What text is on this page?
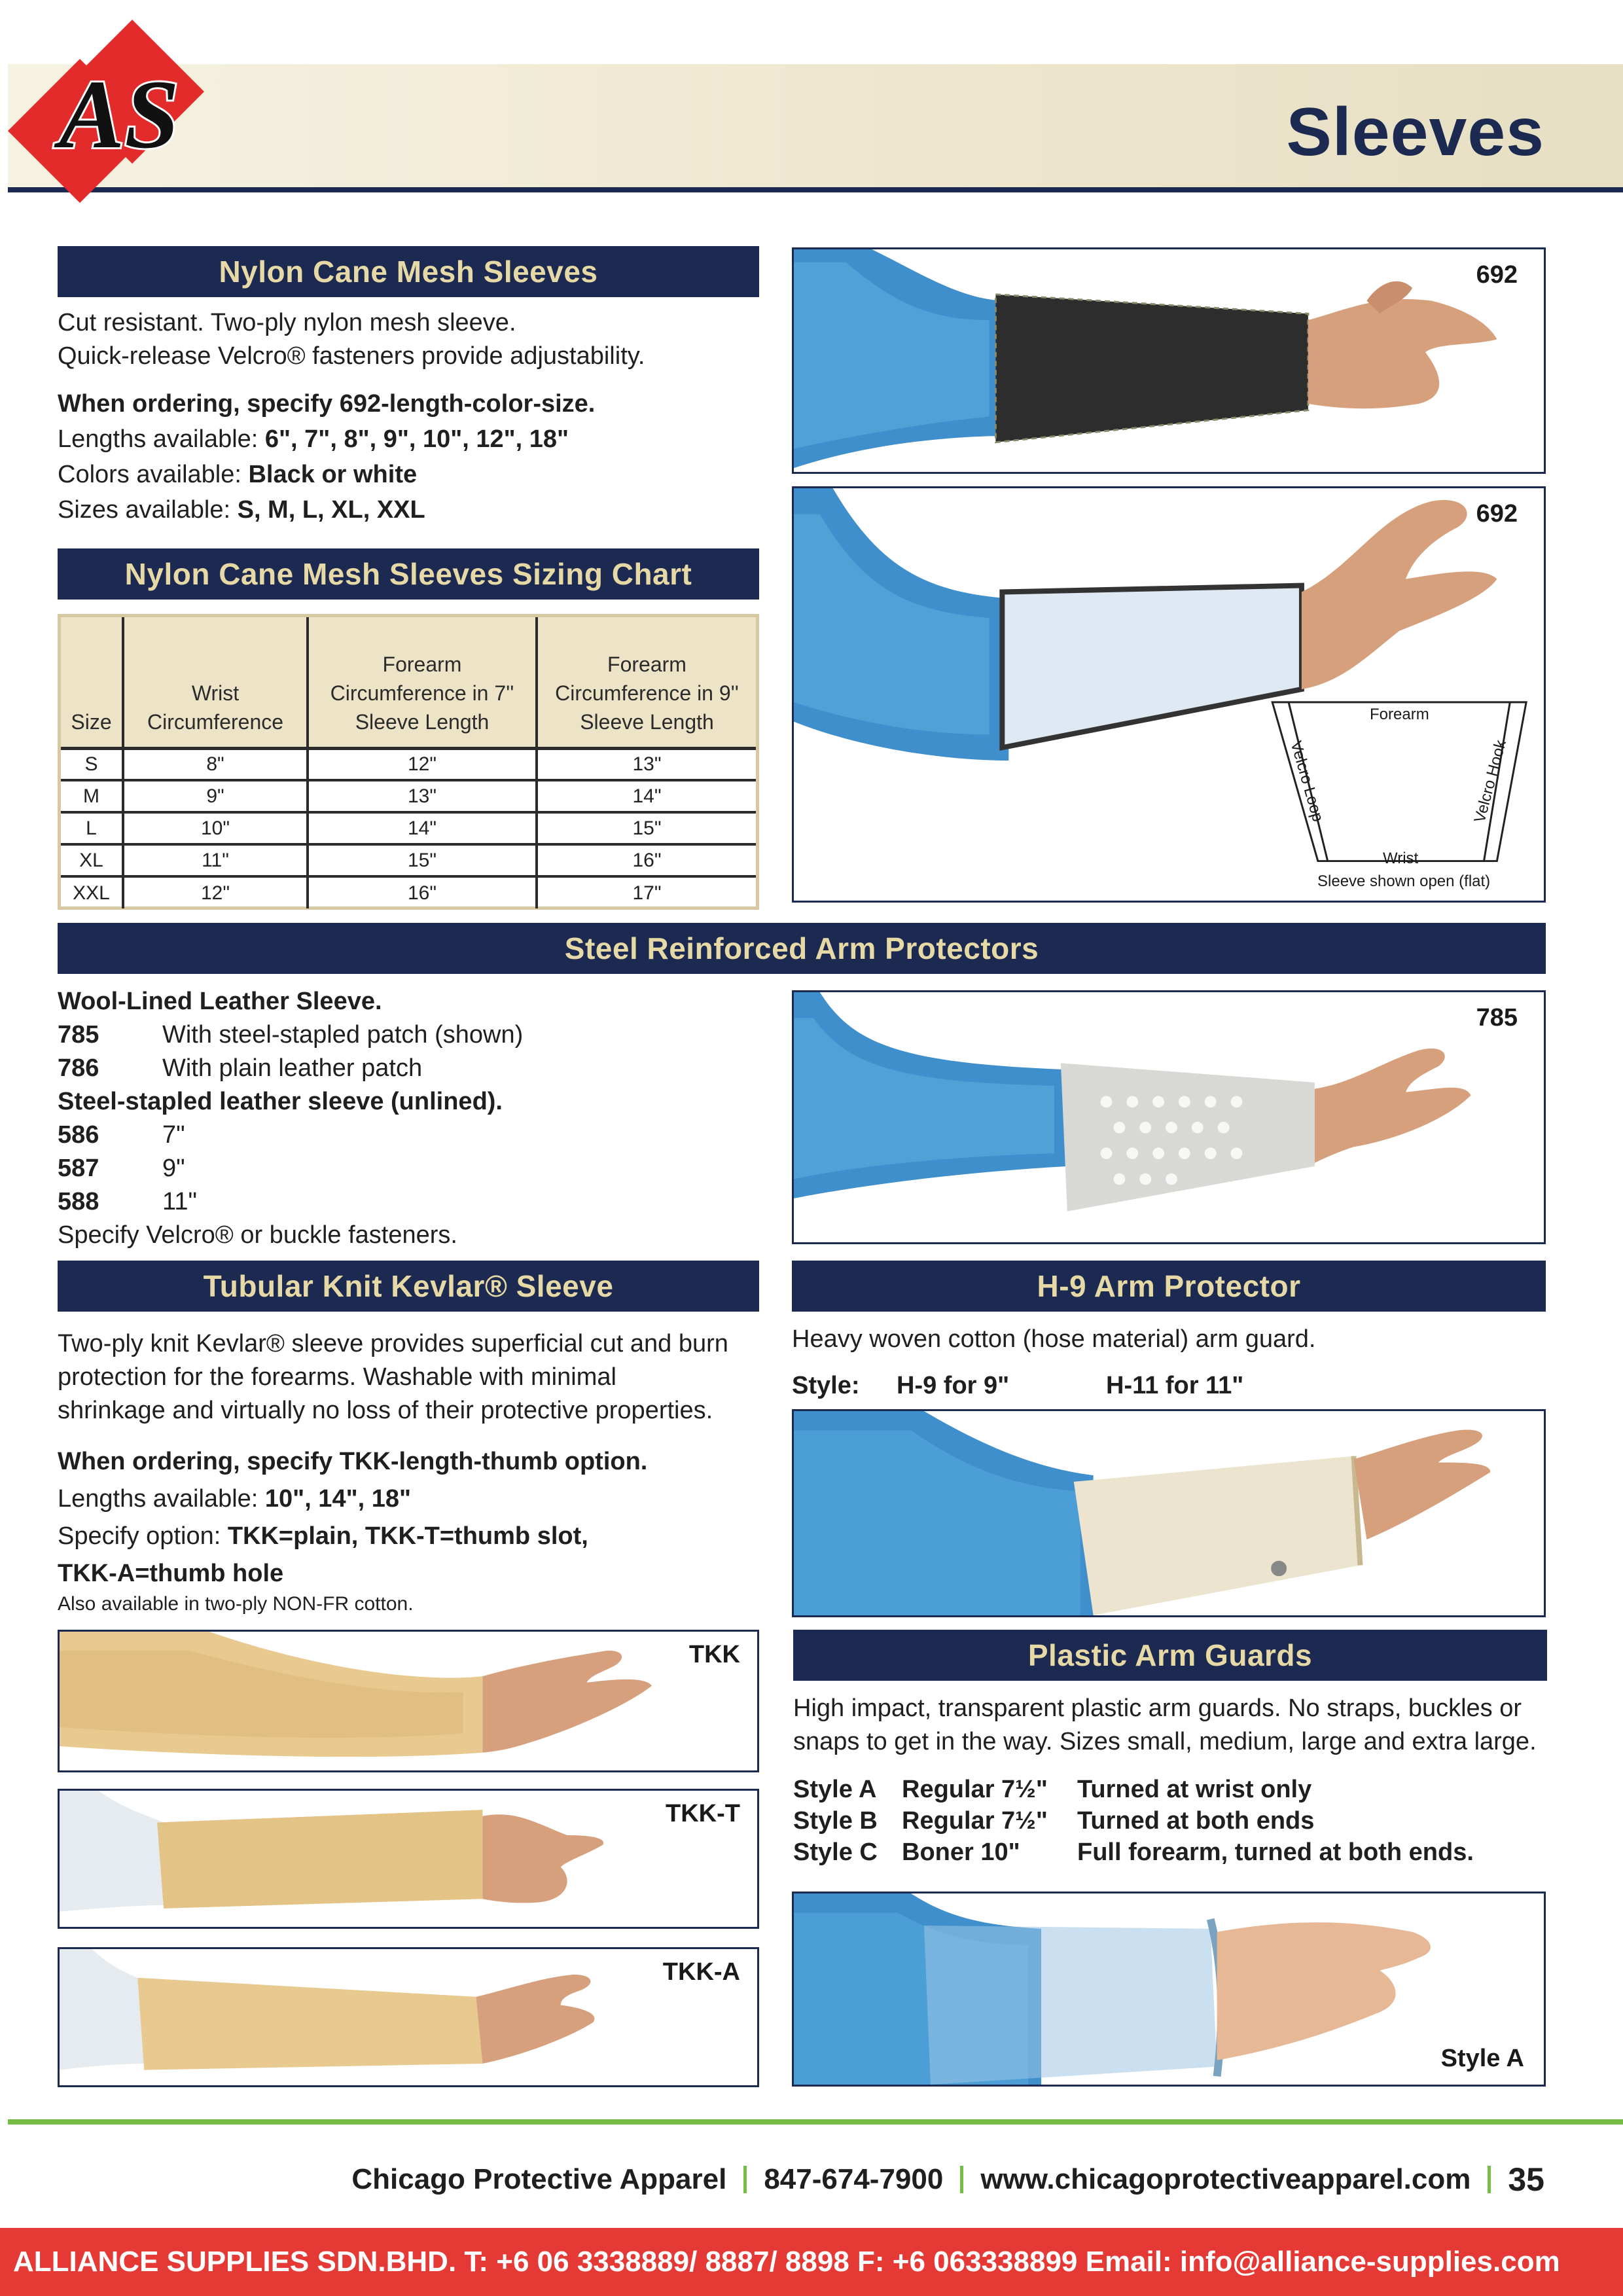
AS	Sleeves
Nylon Cane Mesh Sleeves
Cut resistant. Two-ply nylon mesh sleeve.
Quick-release Velcro® fasteners provide adjustability.
When ordering, specify 692-length-color-size.
Lengths available: 6", 7", 8", 9", 10", 12", 18"
Colors available: Black or white
Sizes available: S, M, L, XL, XXL
Nylon Cane Mesh Sleeves Sizing Chart
Size	Wrist Circumference	Forearm Circumference in 7'' Sleeve Length	Forearm Circumference in 9'' Sleeve Length
S	8"	12"	13"
M	9"	13"	14"
L	10"	14"	15"
XL	11"	15"	16"
XXL	12"	16"	17"
692
Forearm
Velcro Loop	Velcro Hook
Wrist
Sleeve shown open (flat)
692
Steel Reinforced Arm Protectors
Wool-Lined Leather Sleeve.
785	With steel-stapled patch (shown)
786	With plain leather patch
Steel-stapled leather sleeve (unlined).
586	7"
587	9"
588	11"
Specify Velcro® or buckle fasteners.
785
Tubular Knit Kevlar® Sleeve
Two-ply knit Kevlar® sleeve provides superficial cut and burn
protection for the forearms. Washable with minimal
shrinkage and virtually no loss of their protective properties.
When ordering, specify TKK-length-thumb option.
Lengths available: 10", 14", 18"
Specify option: TKK=plain, TKK-T=thumb slot,
TKK-A=thumb hole
Also available in two-ply NON-FR cotton.
TKK
TKK-T
TKK-A
H-9 Arm Protector
Heavy woven cotton (hose material) arm guard.
Style: H-9 for 9"	H-11 for 11"
Plastic Arm Guards
High impact, transparent plastic arm guards. No straps, buckles or
snaps to get in the way. Sizes small, medium, large and extra large.
Style A Regular 7½" Turned at wrist only
Style B Regular 7½" Turned at both ends
Style C Boner 10" Full forearm, turned at both ends.
Style A
Chicago Protective Apparel 847-674-7900 www.chicagoprotectiveapparel.com 35
ALLIANCE SUPPLIES SDN.BHD. T: +6 06 3338889/ 8887/ 8898 F: +6 063338899 Email: info@alliance-supplies.com
